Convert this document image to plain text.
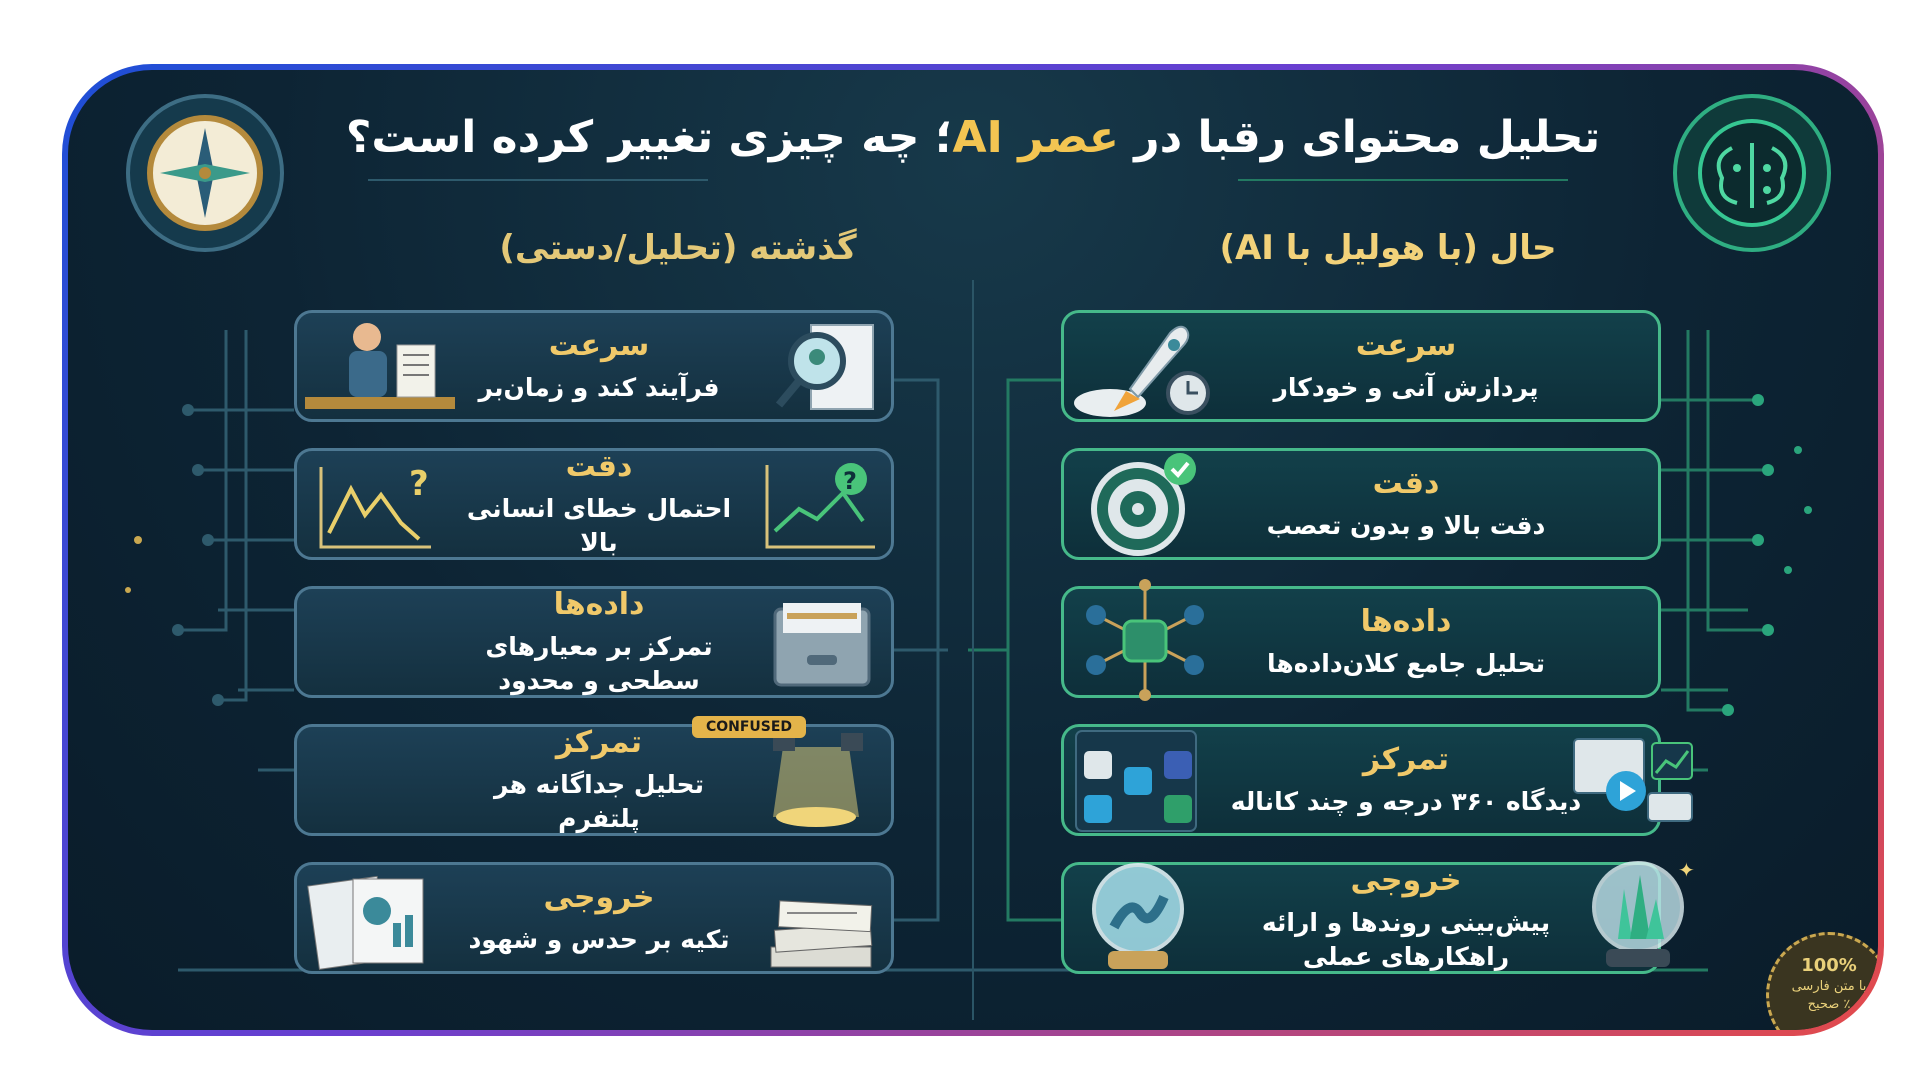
تحلیل محتوای رقبا در عصر AI؛ چه چیزی تغییر کرده است؟
گذشته (تحلیل/دستی)	حال (با هولیل با AI)
سرعت
فرآیند کند و زمان‌بر
?	?
دقت
احتمال خطای انسانی بالا
داده‌ها
تمرکز بر معیارهای سطحی و محدود
تمرکز
تحلیل جداگانه هر پلتفرم
خروجی
تکیه بر حدس و شهود
CONFUSED
سرعت
پردازش آنی و خودکار
دقت
دقت بالا و بدون تعصب
داده‌ها
تحلیل جامع کلان‌داده‌ها
تمرکز
دیدگاه ۳۶۰ درجه و چند کاناله
✦
خروجی
پیش‌بینی روندها و ارائه راهکارهای عملی	100%
با متن فارسی
٪ صحیح
